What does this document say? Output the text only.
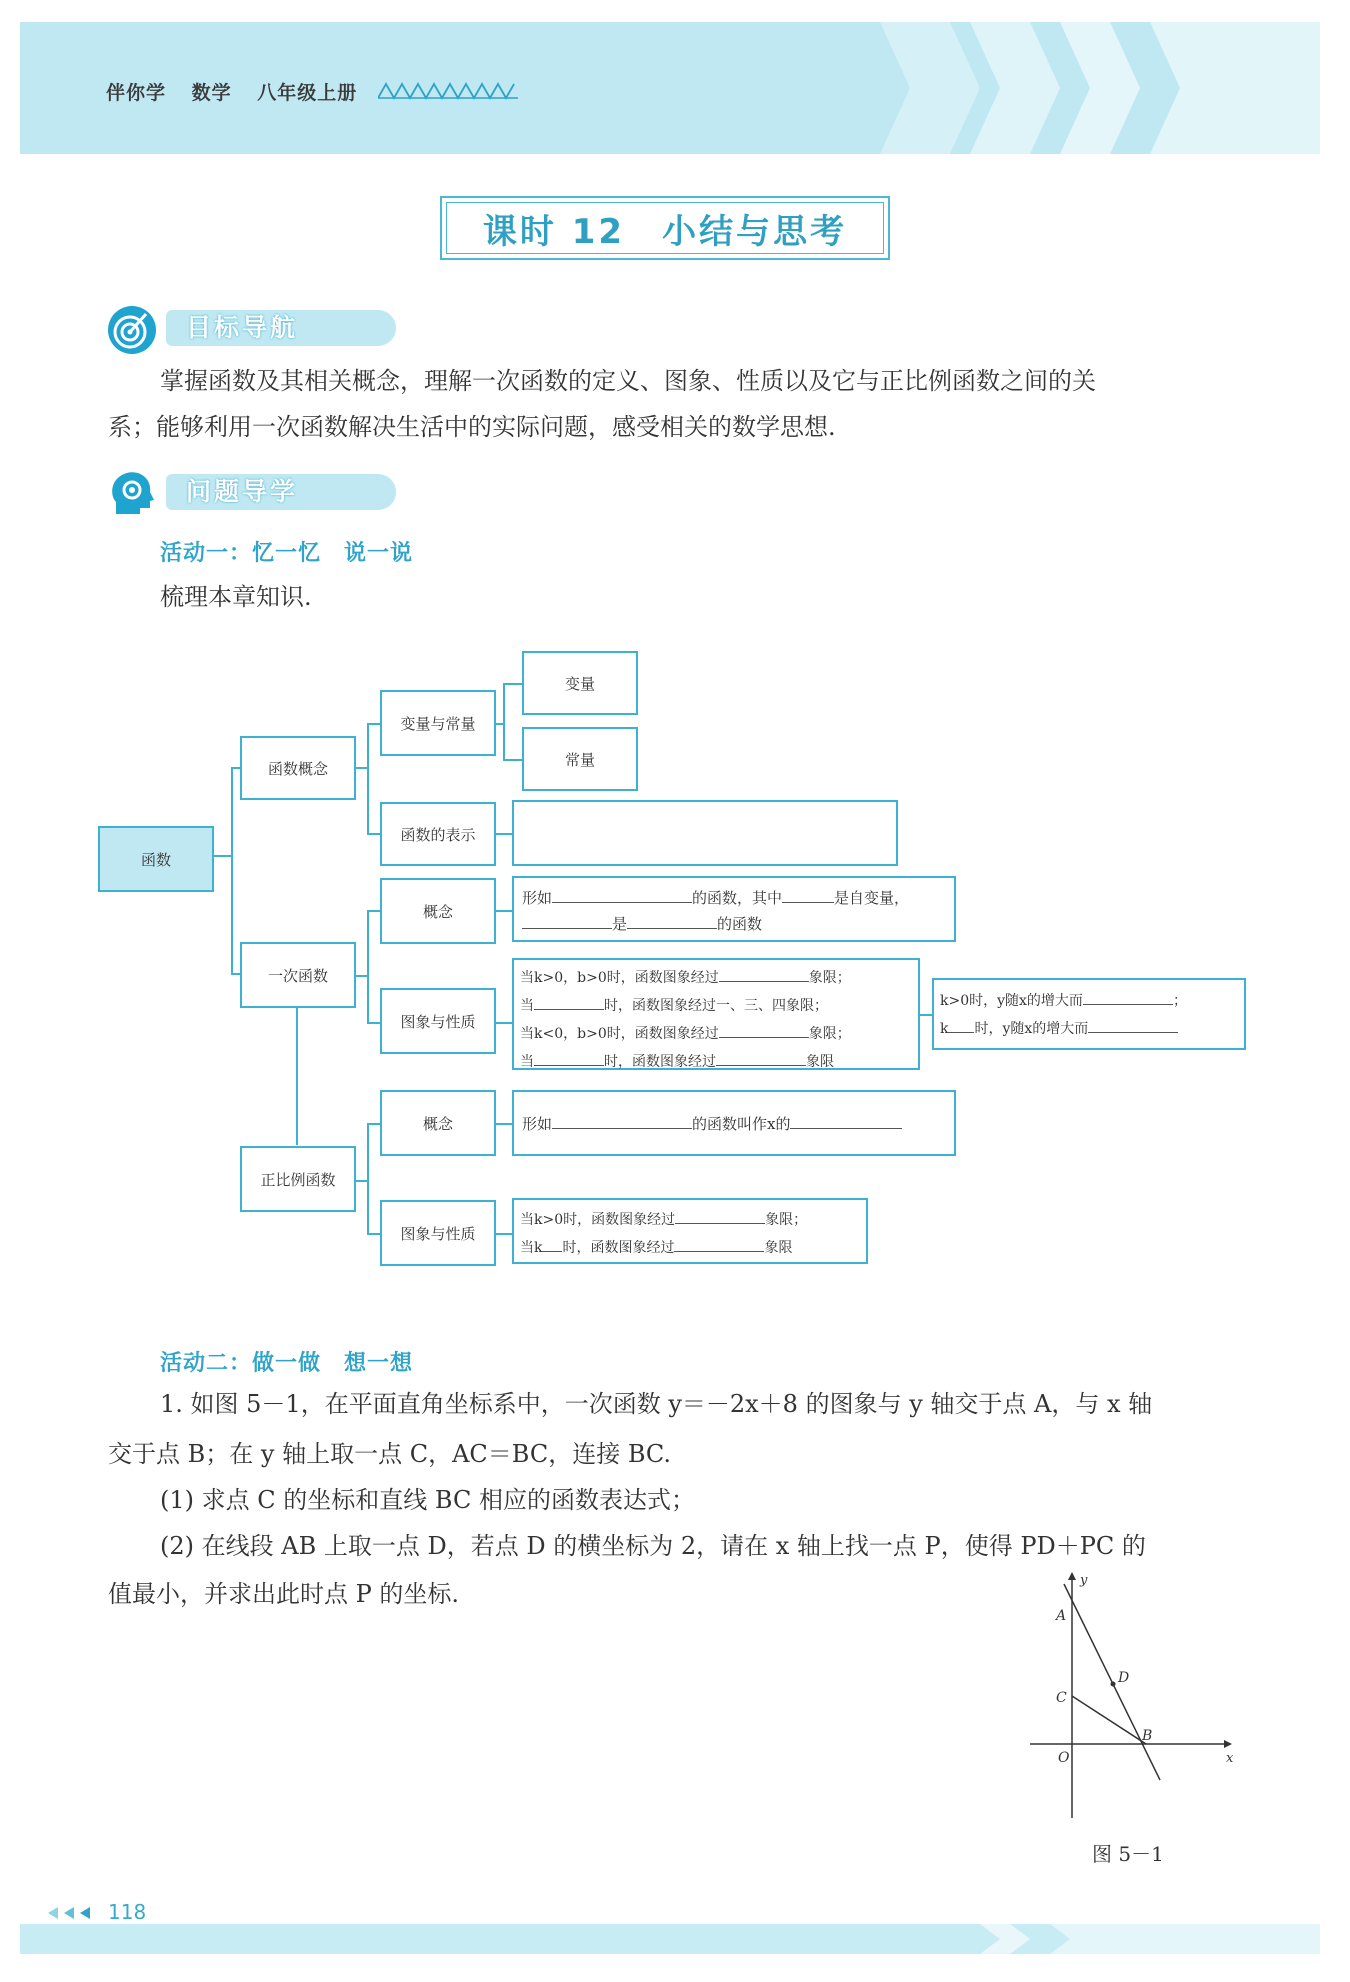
伴你学 数学 八年级上册
课时 12　小结与思考
目标导航
掌握函数及其相关概念，理解一次函数的定义、图象、性质以及它与正比例函数之间的关
系；能够利用一次函数解决生活中的实际问题，感受相关的数学思想.
问题导学
活动一：忆一忆　说一说
梳理本章知识.
函数
函数概念
变量与常量
变量
常量
函数的表示
一次函数
概念
形如	的函数，其中	是自变量，
是	的函数
图象与性质
当k>0，b>0时，函数图象经过	象限；
当	时，函数图象经过一、三、四象限；
当k<0，b>0时，函数图象经过	象限；
当	时，函数图象经过	象限
k>0时，y随x的增大而	；
k 时，y随x的增大而
正比例函数
概念	形如	的函数叫作x的
图象与性质
当k>0时，函数图象经过	象限；
当k 时，函数图象经过	象限
活动二：做一做　想一想
1. 如图 5－1，在平面直角坐标系中，一次函数 y＝－2x＋8 的图象与 y 轴交于点 A，与 x 轴
交于点 B；在 y 轴上取一点 C，AC＝BC，连接 BC.
(1) 求点 C 的坐标和直线 BC 相应的函数表达式；
(2) 在线段 AB 上取一点 D，若点 D 的横坐标为 2，请在 x 轴上找一点 P，使得 PD＋PC 的
值最小，并求出此时点 P 的坐标.	y
x
A
C
D
B
O
图 5－1
118
